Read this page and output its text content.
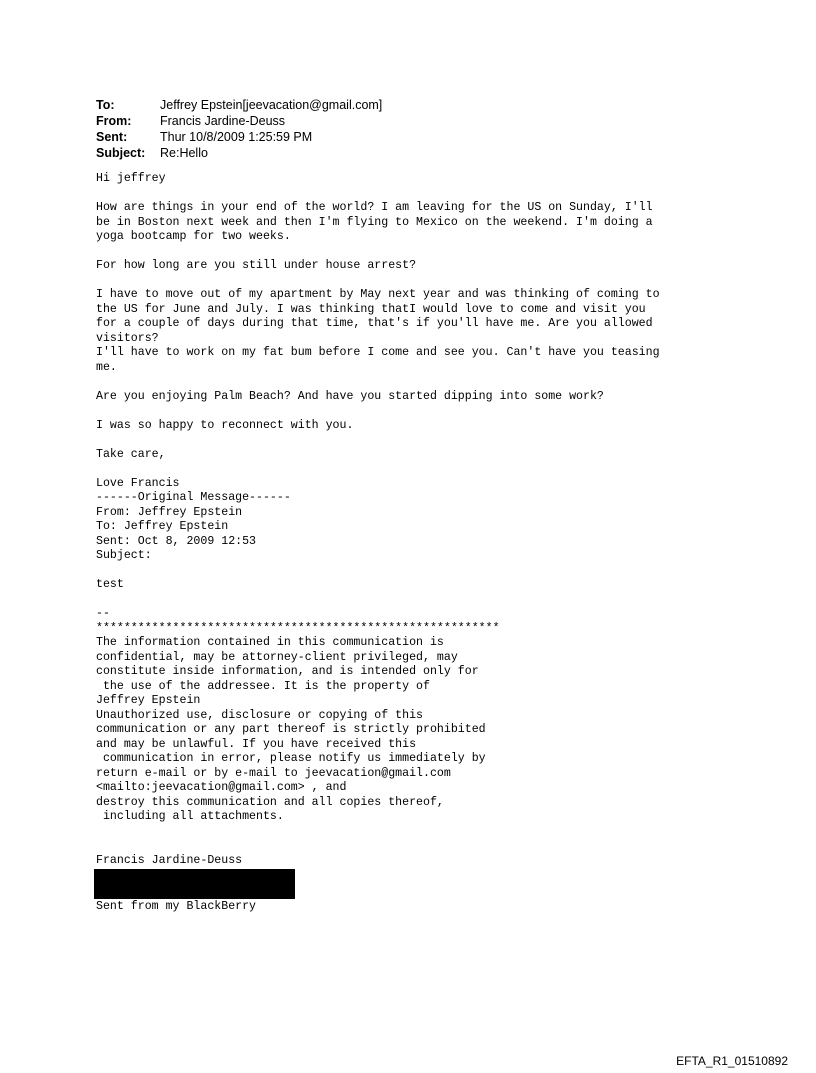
To:	Jeffrey Epstein[jeevacation@gmail.com]
From:	Francis Jardine-Deuss
Sent:	Thur 10/8/2009 1:25:59 PM
Subject:	Re:Hello
Hi jeffrey
How are things in your end of the world? I am leaving for the US on Sunday, I'll
be in Boston next week and then I'm flying to Mexico on the weekend. I'm doing a
yoga bootcamp for two weeks.
For how long are you still under house arrest?
I have to move out of my apartment by May next year and was thinking of coming to
the US for June and July. I was thinking thatI would love to come and visit you
for a couple of days during that time, that's if you'll have me. Are you allowed
visitors?
I'll have to work on my fat bum before I come and see you. Can't have you teasing
me.
Are you enjoying Palm Beach? And have you started dipping into some work?
I was so happy to reconnect with you.
Take care,
Love Francis
------Original Message------
From: Jeffrey Epstein
To: Jeffrey Epstein
Sent: Oct 8, 2009 12:53
Subject:
test
--
**********************************************************
The information contained in this communication is
confidential, may be attorney-client privileged, may
constitute inside information, and is intended only for
the use of the addressee. It is the property of
Jeffrey Epstein
Unauthorized use, disclosure or copying of this
communication or any part thereof is strictly prohibited
and may be unlawful. If you have received this
communication in error, please notify us immediately by
return e-mail or by e-mail to jeevacation@gmail.com
<mailto:jeevacation@gmail.com> , and
destroy this communication and all copies thereof,
including all attachments.
Francis Jardine-Deuss
Sent from my BlackBerry
EFTA_R1_01510892
